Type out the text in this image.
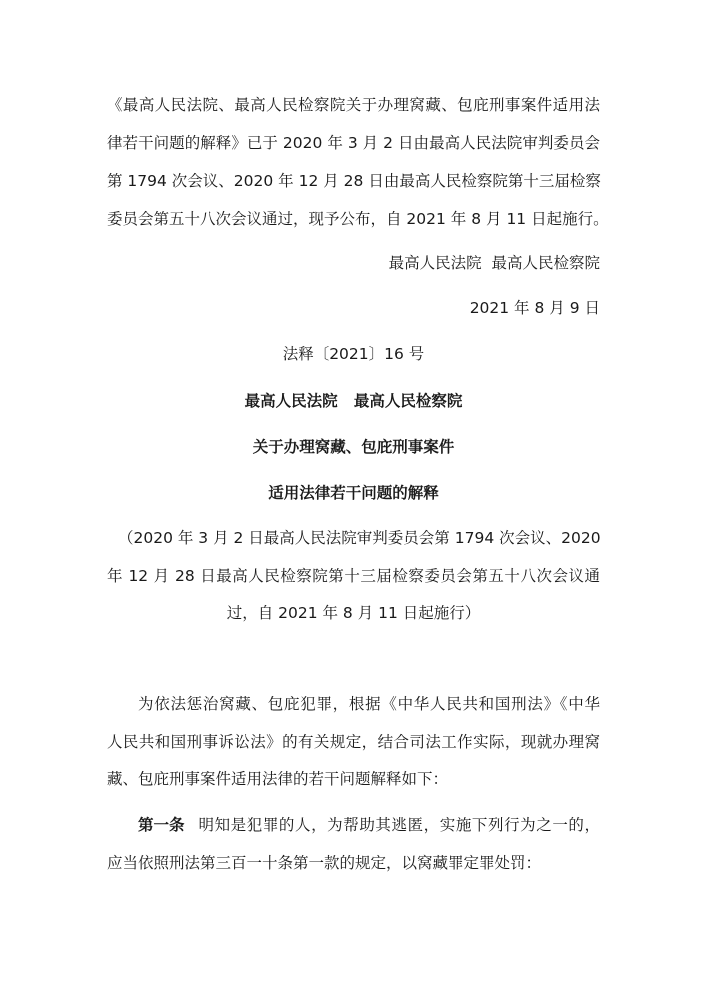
《最高人民法院、最高人民检察院关于办理窝藏、包庇刑事案件适用法
律若干问题的解释》已于 2020 年 3 月 2 日由最高人民法院审判委员会
第 1794 次会议、2020 年 12 月 28 日由最高人民检察院第十三届检察
委员会第五十八次会议通过，现予公布，自 2021 年 8 月 11 日起施行。
最高人民法院  最高人民检察院
2021 年 8 月 9 日
法释〔2021〕16 号
最高人民法院   最高人民检察院
关于办理窝藏、包庇刑事案件
适用法律若干问题的解释
（2020 年 3 月 2 日最高人民法院审判委员会第 1794 次会议、2020
年 12 月 28 日最高人民检察院第十三届检察委员会第五十八次会议通
过，自 2021 年 8 月 11 日起施行）
为依法惩治窝藏、包庇犯罪，根据《中华人民共和国刑法》《中华
人民共和国刑事诉讼法》的有关规定，结合司法工作实际，现就办理窝
藏、包庇刑事案件适用法律的若干问题解释如下：
第一条 明知是犯罪的人，为帮助其逃匿，实施下列行为之一的，
应当依照刑法第三百一十条第一款的规定，以窝藏罪定罪处罚：
